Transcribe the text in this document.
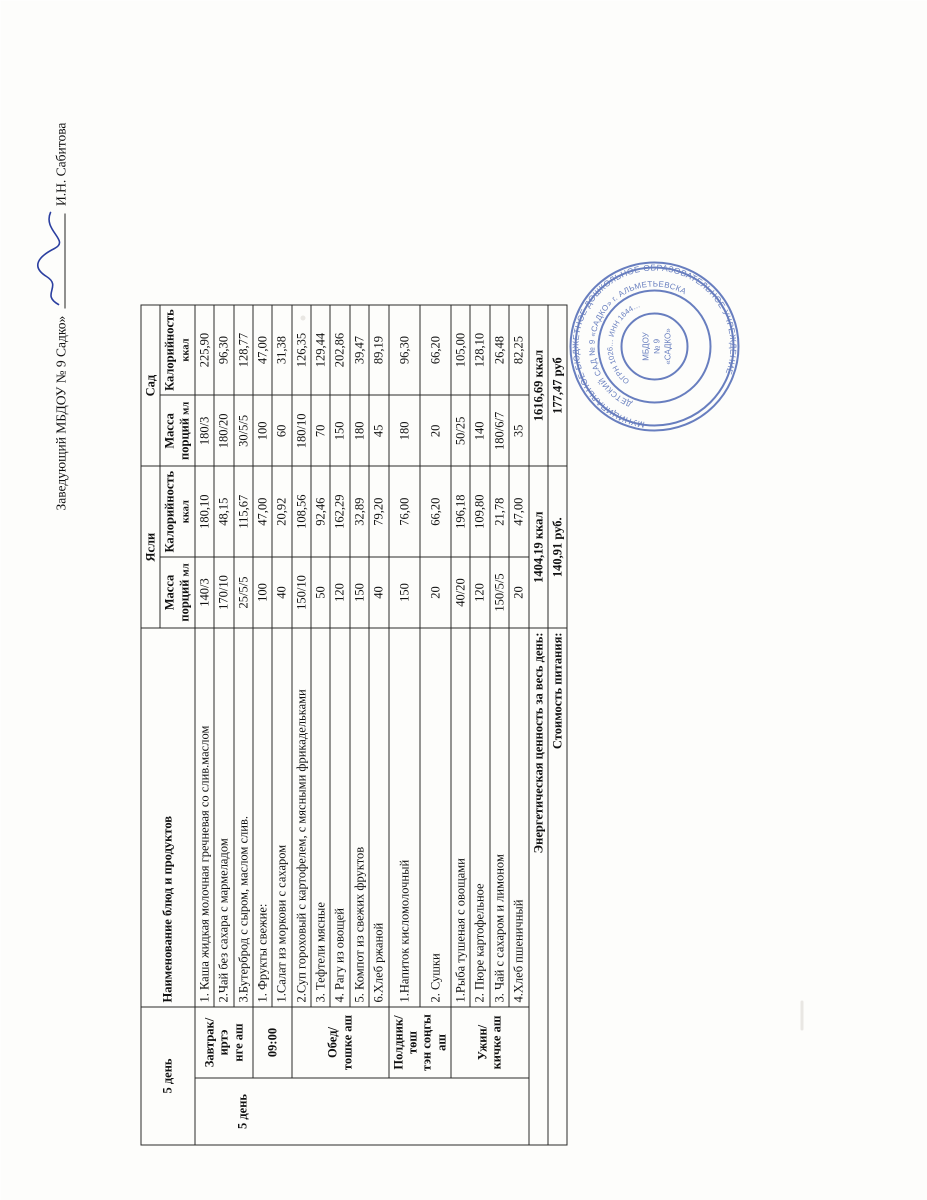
Заведующий МБДОУ № 9 Садко»
И.Н. Сабитова
МУНИЦИПАЛЬНОЕ БЮДЖЕТНОЕ ДОШКОЛЬНОЕ ОБРАЗОВАТЕЛЬНОЕ УЧРЕЖДЕНИЕ
ДЕТСКИЙ САД № 9 «САДКО» г. АЛЬМЕТЬЕВСКА
ОГРН 1026… ИНН 1644…
МБДОУ № 9 «САДКО»
5 день		Наименование блюд и продуктов	Ясли		Сад	
			Масса порций мл	Калорийность ккал	Масса порций мл	Калорийность ккал

5 день	Завтрак/иртэ нге аш	1. Каша жидкая молочная гречневая со слив.маслом	140/3	180,10	180/3	225,90
		2.Чай без сахара с мармеладом	170/10	48,15	180/20	96,30
		3.Бутерброд с сыром, маслом слив.	25/5/5	115,67	30/5/5	128,77

	09:00	1. Фрукты свежие:	100	47,00	100	47,00
		1.Салат из моркови с сахаром	40	20,92	60	31,38

	Обед/ тошке аш	2.Суп гороховый с картофелем, с мясными фрикадельками	150/10	108,56	180/10	126,35
		3. Тефтели мясные	50	92,46	70	129,44
		4. Рагу из овощей	120	162,29	150	202,86
		5. Компот из свежих фруктов	150	32,89	180	39,47
		6.Хлеб ржаной	40	79,20	45	89,19

	Полдник/төш тэн соңгы аш	1.Напиток кисломолочный	150	76,00	180	96,30
		2. Сушки	20	66,20	20	66,20

	Ужин/ кичке аш	1.Рыба тушеная с овощами	40/20	196,18	50/25	105,00
		2. Пюре картофельное	120	109,80	140	128,10
		3. Чай с сахаром и лимоном	150/5/5	21,78	180/6/7	26,48
		4.Хлеб пшеничный	20	47,00	35	82,25
Энергетическая ценность за весь день:			1404,19 ккал		1616,69 ккал	
Стоимость питания:			140,91 руб.		177,47 руб	
